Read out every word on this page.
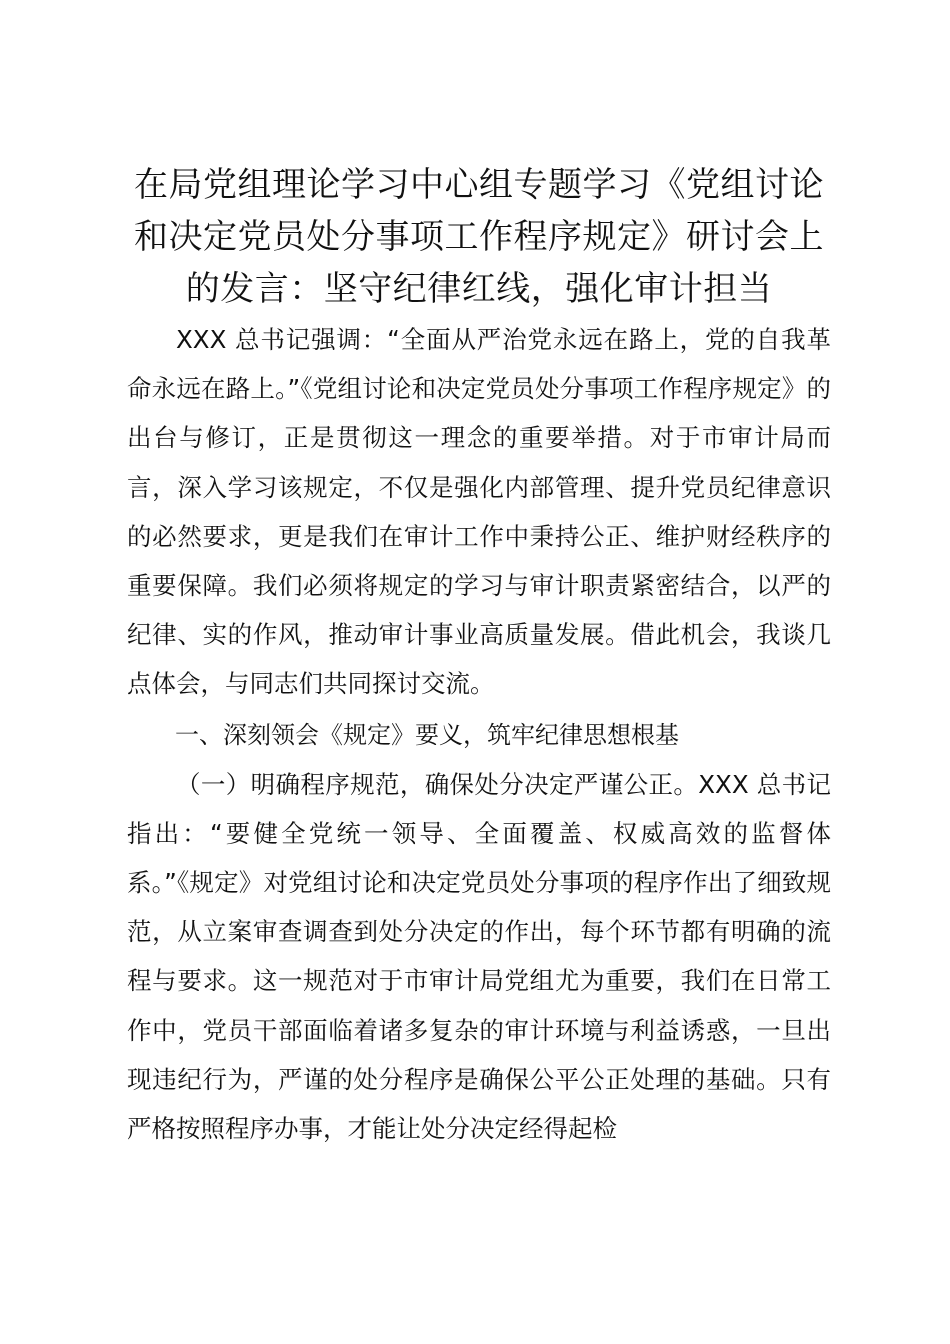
在局党组理论学习中心组专题学习《党组讨论
和决定党员处分事项工作程序规定》研讨会上
的发言：坚守纪律红线，强化审计担当

XXX 总书记强调：“全面从严治党永远在路上，党的自我革命永远在路上。”《党组讨论和决定党员处分事项工作程序规定》的出台与修订，正是贯彻这一理念的重要举措。对于市审计局而言，深入学习该规定，不仅是强化内部管理、提升党员纪律意识的必然要求，更是我们在审计工作中秉持公正、维护财经秩序的重要保障。我们必须将规定的学习与审计职责紧密结合，以严的纪律、实的作风，推动审计事业高质量发展。借此机会，我谈几点体会，与同志们共同探讨交流。

一、深刻领会《规定》要义，筑牢纪律思想根基

（一）明确程序规范，确保处分决定严谨公正。XXX 总书记指出：“要健全党统一领导、全面覆盖、权威高效的监督体系。”《规定》对党组讨论和决定党员处分事项的程序作出了细致规范，从立案审查调查到处分决定的作出，每个环节都有明确的流程与要求。这一规范对于市审计局党组尤为重要，我们在日常工作中，党员干部面临着诸多复杂的审计环境与利益诱惑，一旦出现违纪行为，严谨的处分程序是确保公平公正处理的基础。只有严格按照程序办事，才能让处分决定经得起检
